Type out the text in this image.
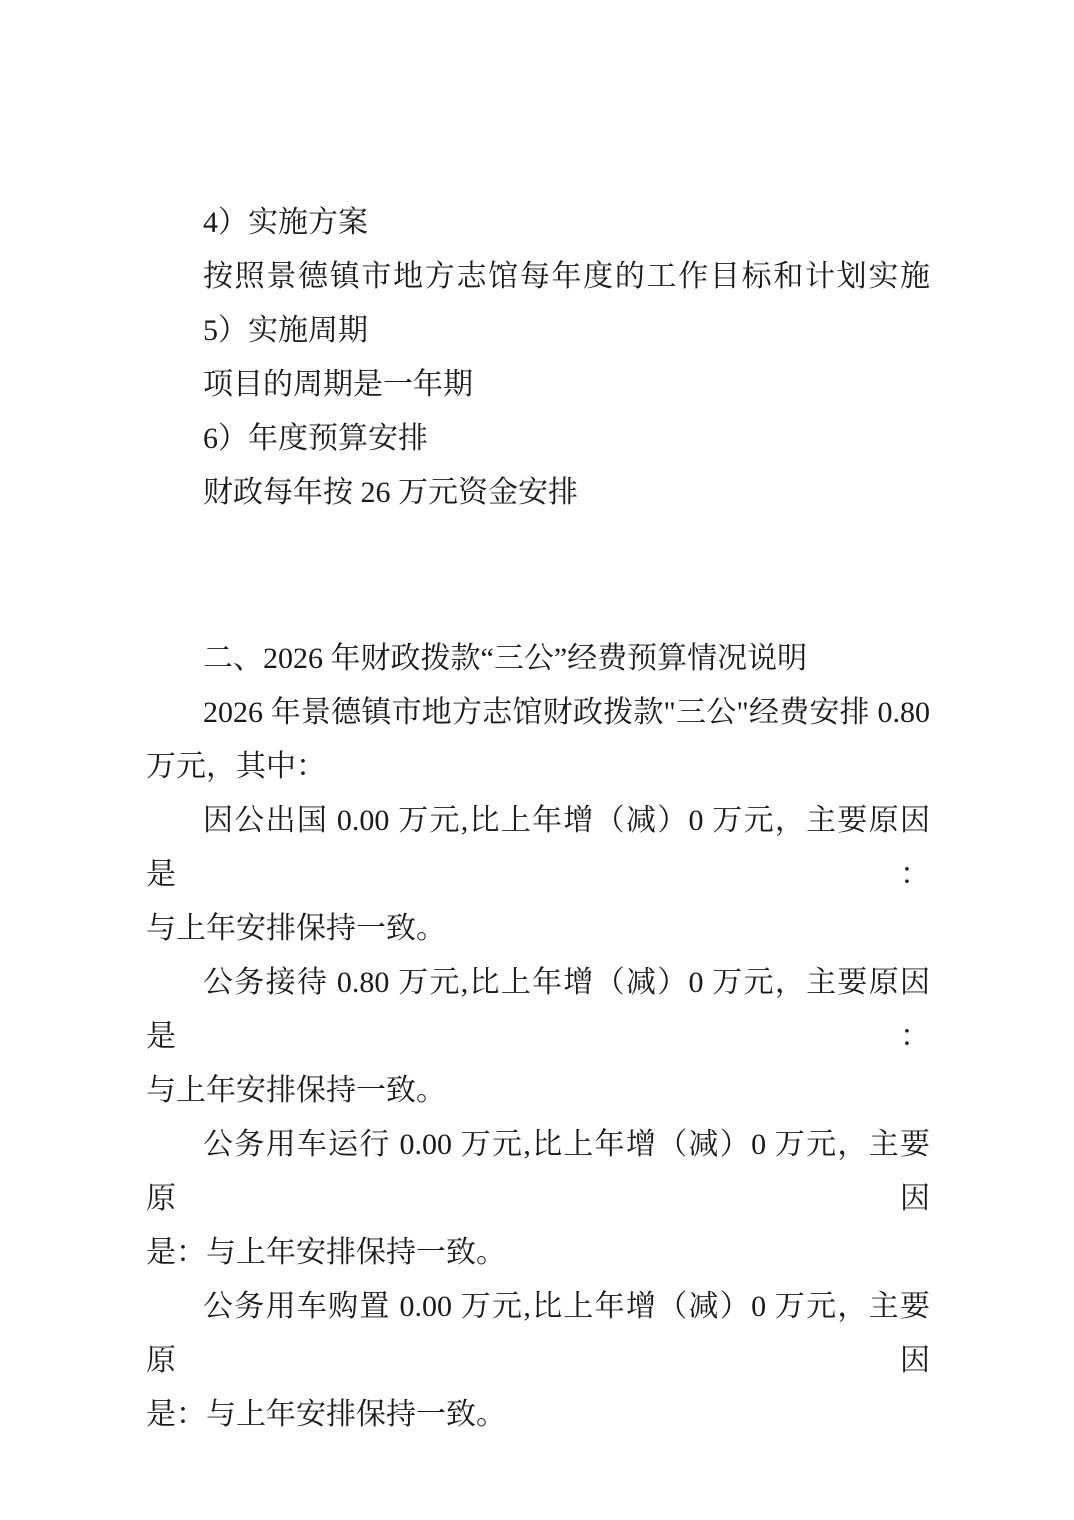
4）实施方案

按照景德镇市地方志馆每年度的工作目标和计划实施

5）实施周期

项目的周期是一年期

6）年度预算安排

财政每年按 26 万元资金安排

二、2026 年财政拨款“三公”经费预算情况说明

2026 年景德镇市地方志馆财政拨款"三公"经费安排 0.80

万元，其中：

因公出国 0.00 万元,比上年增（减）0 万元，主要原因是：

与上年安排保持一致。

公务接待 0.80 万元,比上年增（减）0 万元，主要原因是：

与上年安排保持一致。

公务用车运行 0.00 万元,比上年增（减）0 万元，主要原因

是：与上年安排保持一致。

公务用车购置 0.00 万元,比上年增（减）0 万元，主要原因

是：与上年安排保持一致。
